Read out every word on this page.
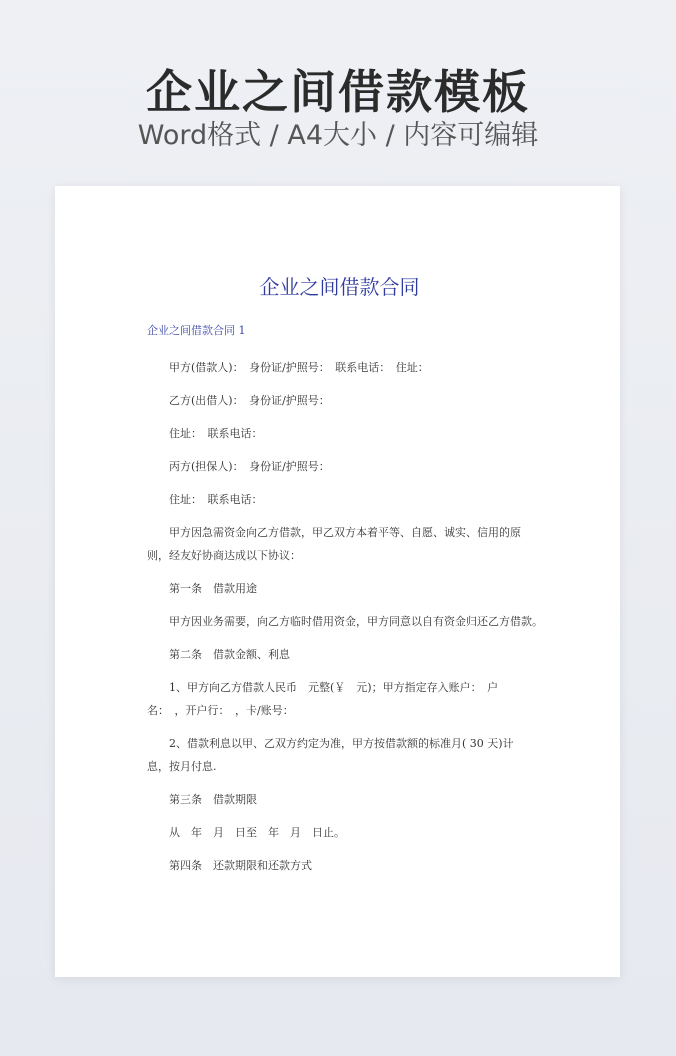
企业之间借款模板
Word格式 / A4大小 / 内容可编辑
企业之间借款合同
企业之间借款合同 1
甲方(借款人)：　身份证/护照号：　联系电话：　住址：
乙方(出借人)：　身份证/护照号：
住址：　联系电话：
丙方(担保人)：　身份证/护照号：
住址：　联系电话：
甲方因急需资金向乙方借款，甲乙双方本着平等、自愿、诚实、信用的原则，经友好协商达成以下协议：
第一条　借款用途
甲方因业务需要，向乙方临时借用资金，甲方同意以自有资金归还乙方借款。
第二条　借款金额、利息
1、甲方向乙方借款人民币　元整(￥　元)；甲方指定存入账户：　户名：　，开户行：　，卡/账号：
2、借款利息以甲、乙双方约定为准，甲方按借款额的标准月( 30 天)计息，按月付息.
第三条　借款期限
从　年　月　日至　年　月　日止。
第四条　还款期限和还款方式
